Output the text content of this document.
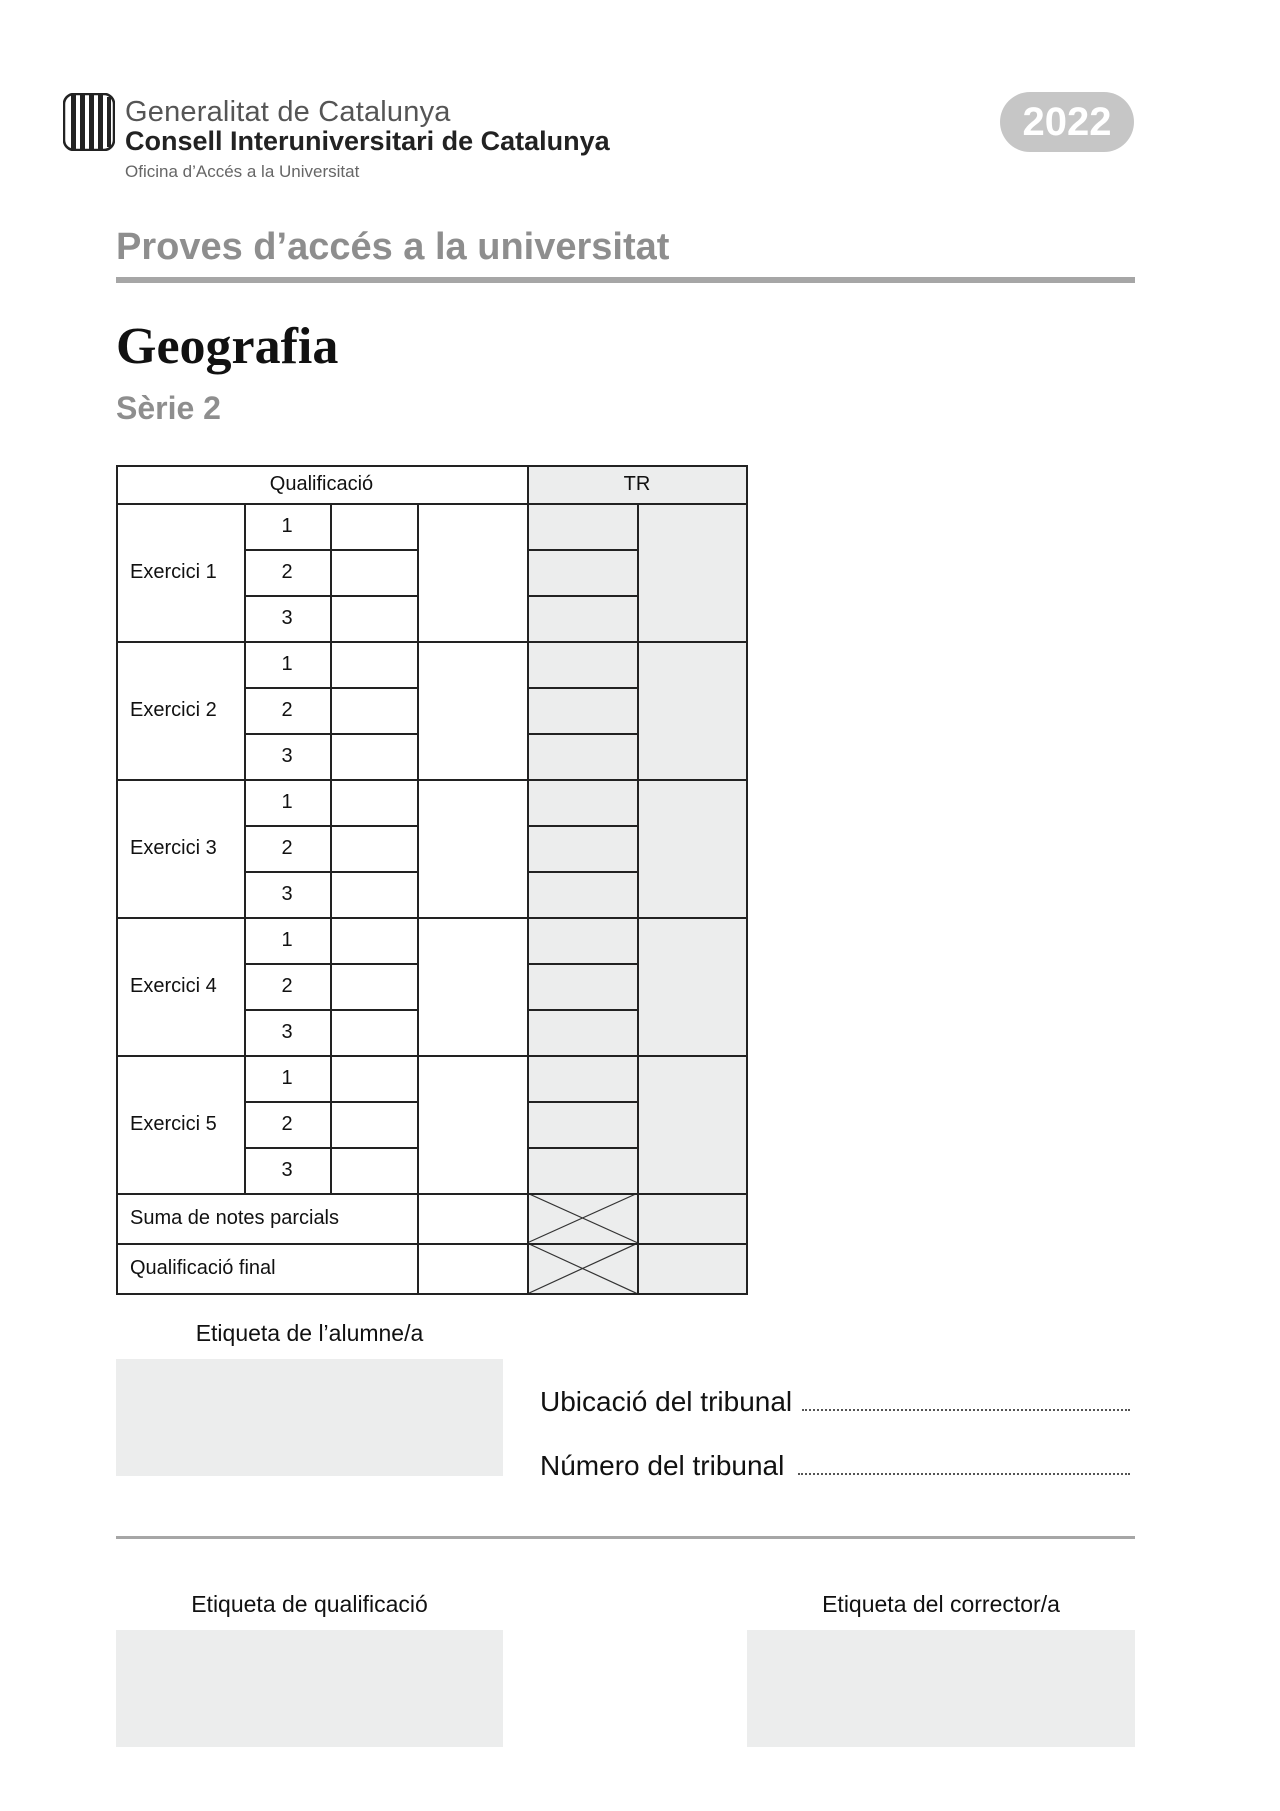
Generalitat de Catalunya
Consell Interuniversitari de Catalunya
Oficina d’Accés a la Universitat
2022
Proves d’accés a la universitat
Geografia
Sèrie 2
Qualificació	TR
Exercici 1
1
2
3
Exercici 2
1
2
3
Exercici 3
1
2
3
Exercici 4
1
2
3
Exercici 5
1
2
3
Suma de notes parcials
Qualificació final
Etiqueta de l’alumne/a
Ubicació del tribunal
Número del tribunal
Etiqueta de qualificació	Etiqueta del corrector/a
